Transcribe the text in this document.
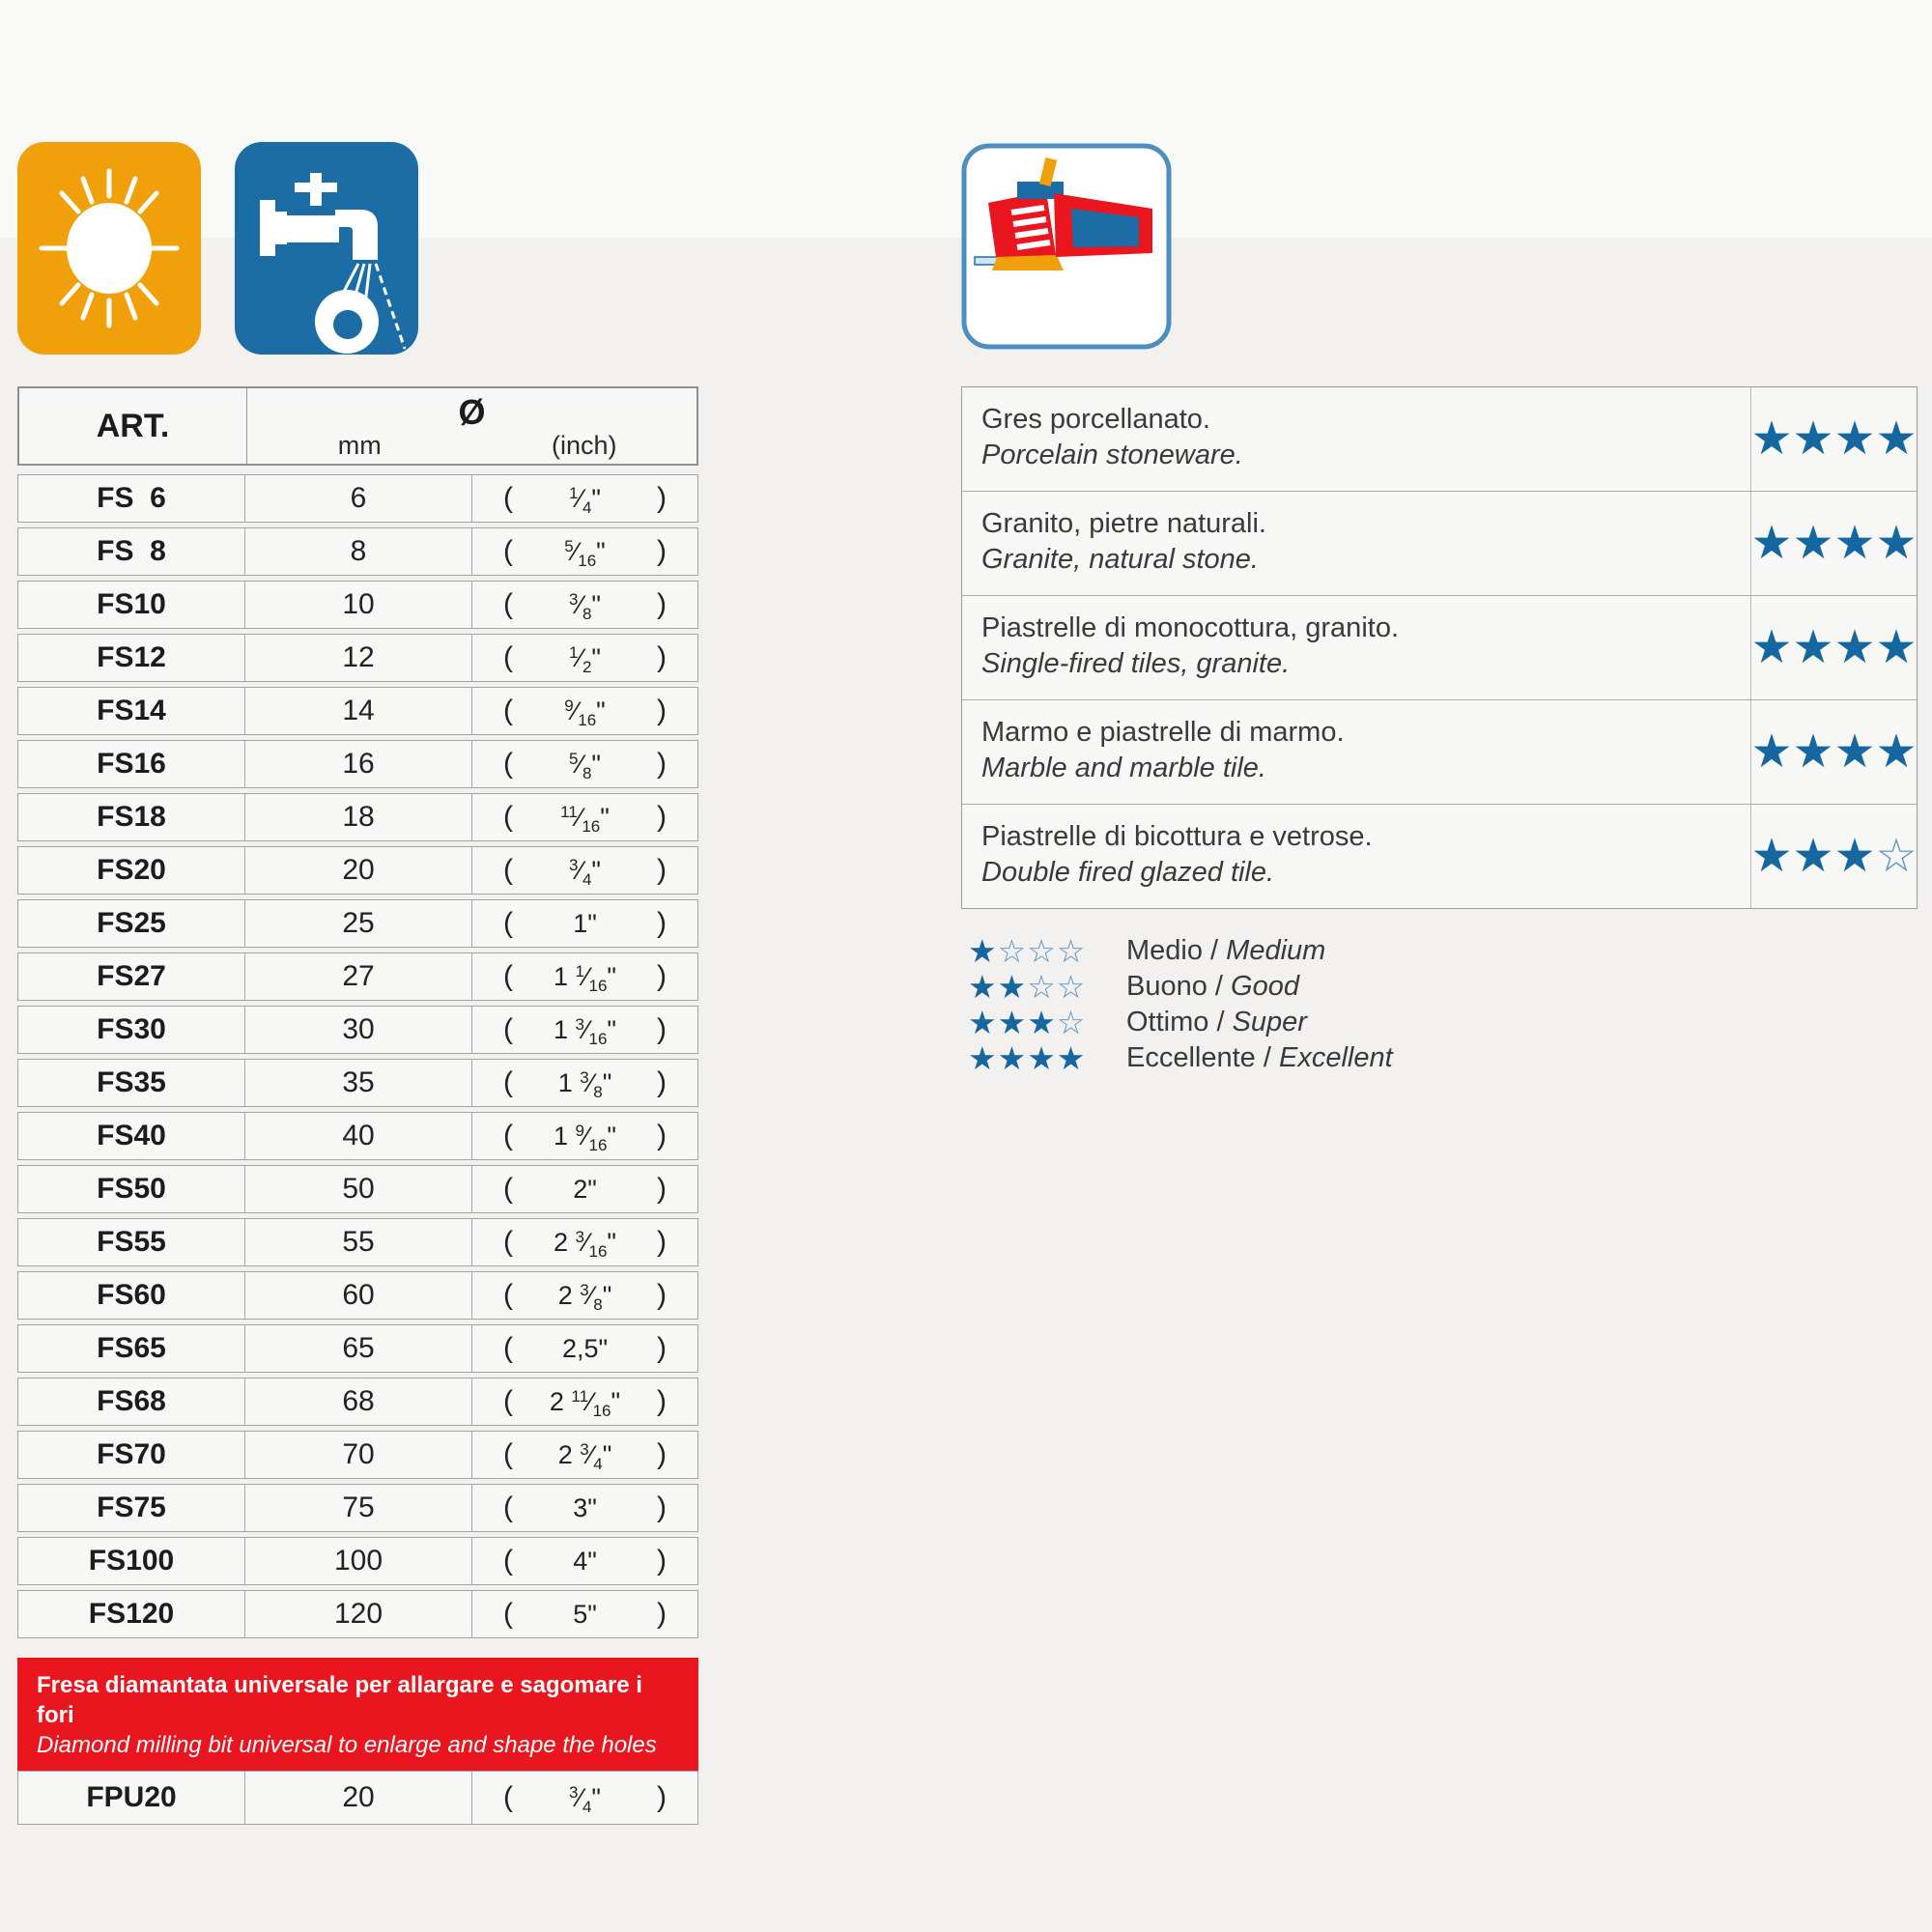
ART.	Ø
mm	(inch)
FS  6	6	(	$^1⁄_4$"	)
FS  8	8	(	$^5⁄_{16}$"	)
FS10	10	(	$^3⁄_8$"	)
FS12	12	(	$^1⁄_2$"	)
FS14	14	(	$^9⁄_{16}$"	)
FS16	16	(	$^5⁄_8$"	)
FS18	18	(	$^{11}⁄_{16}$"	)
FS20	20	(	$^3⁄_4$"	)
FS25	25	(	1"	)
FS27	27	(	1 $^1⁄_{16}$"	)
FS30	30	(	1 $^3⁄_{16}$"	)
FS35	35	(	1 $^3⁄_8$"	)
FS40	40	(	1 $^9⁄_{16}$"	)
FS50	50	(	2"	)
FS55	55	(	2 $^3⁄_{16}$"	)
FS60	60	(	2 $^3⁄_8$"	)
FS65	65	(	2,5"	)
FS68	68	(	2 $^{11}⁄_{16}$"	)
FS70	70	(	2 $^3⁄_4$"	)
FS75	75	(	3"	)
FS100	100	(	4"	)
FS120	120	(	5"	)
Fresa diamantata universale per allargare e sagomare i fori
Diamond milling bit universal to enlarge and shape the holes
FPU20	20	(	$^3⁄_4$"	)
Gres porcellanato.
Porcelain stoneware.	★ ★ ★ ★
Granito, pietre naturali.
Granite, natural stone.	★ ★ ★ ★
Piastrelle di monocottura, granito.
Single-fired tiles, granite.	★ ★ ★ ★
Marmo e piastrelle di marmo.
Marble and marble tile.	★ ★ ★ ★
Piastrelle di bicottura e vetrose.
Double fired glazed tile.	★ ★ ★ ☆
★☆☆☆	Medio / Medium
★★☆☆	Buono / Good
★★★☆	Ottimo / Super
★★★★	Eccellente / Excellent
